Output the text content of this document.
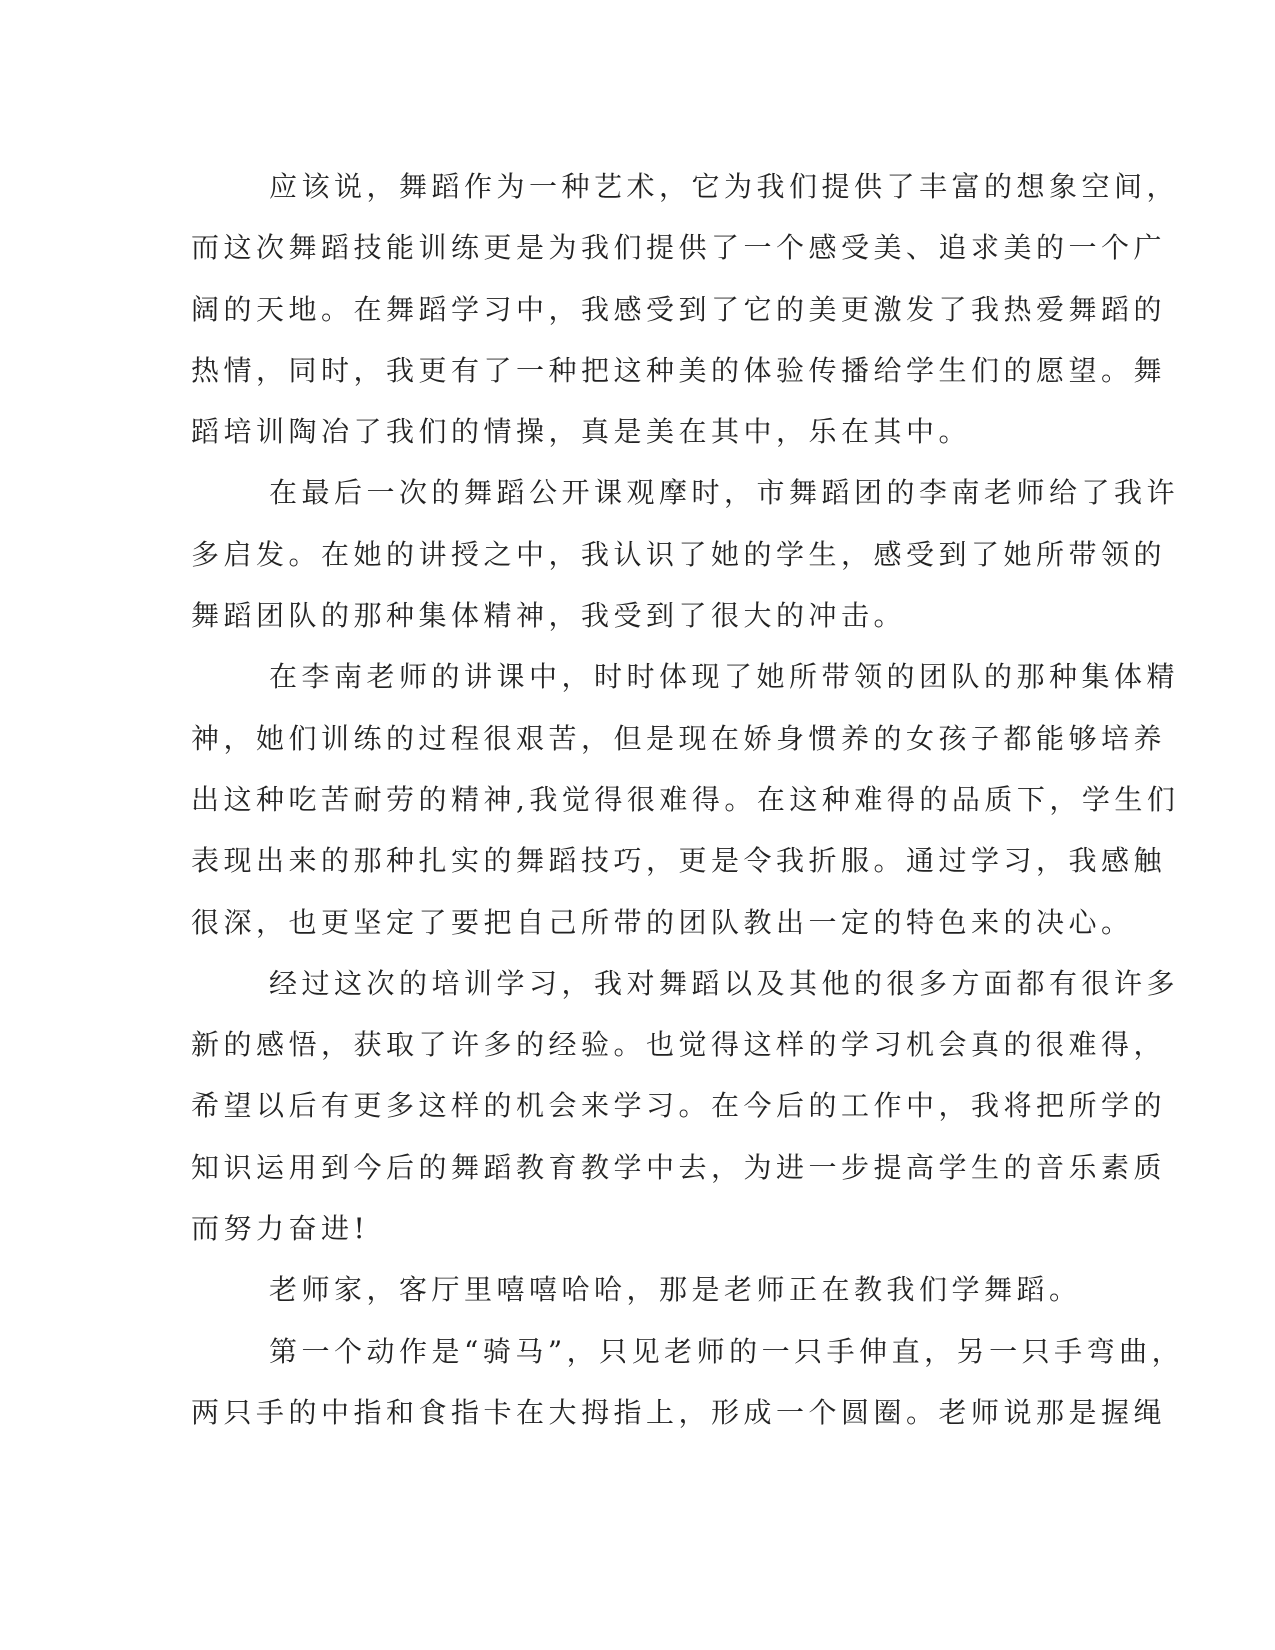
应该说，舞蹈作为一种艺术，它为我们提供了丰富的想象空间，
而这次舞蹈技能训练更是为我们提供了一个感受美、追求美的一个广
阔的天地。在舞蹈学习中，我感受到了它的美更激发了我热爱舞蹈的
热情，同时，我更有了一种把这种美的体验传播给学生们的愿望。舞
蹈培训陶冶了我们的情操，真是美在其中，乐在其中。
在最后一次的舞蹈公开课观摩时，市舞蹈团的李南老师给了我许
多启发。在她的讲授之中，我认识了她的学生，感受到了她所带领的
舞蹈团队的那种集体精神，我受到了很大的冲击。
在李南老师的讲课中，时时体现了她所带领的团队的那种集体精
神，她们训练的过程很艰苦，但是现在娇身惯养的女孩子都能够培养
出这种吃苦耐劳的精神,我觉得很难得。在这种难得的品质下，学生们
表现出来的那种扎实的舞蹈技巧，更是令我折服。通过学习，我感触
很深，也更坚定了要把自己所带的团队教出一定的特色来的决心。
经过这次的培训学习，我对舞蹈以及其他的很多方面都有很许多
新的感悟，获取了许多的经验。也觉得这样的学习机会真的很难得，
希望以后有更多这样的机会来学习。在今后的工作中，我将把所学的
知识运用到今后的舞蹈教育教学中去，为进一步提高学生的音乐素质
而努力奋进!
老师家，客厅里嘻嘻哈哈，那是老师正在教我们学舞蹈。
第一个动作是“骑马”，只见老师的一只手伸直，另一只手弯曲，
两只手的中指和食指卡在大拇指上，形成一个圆圈。老师说那是握绳
